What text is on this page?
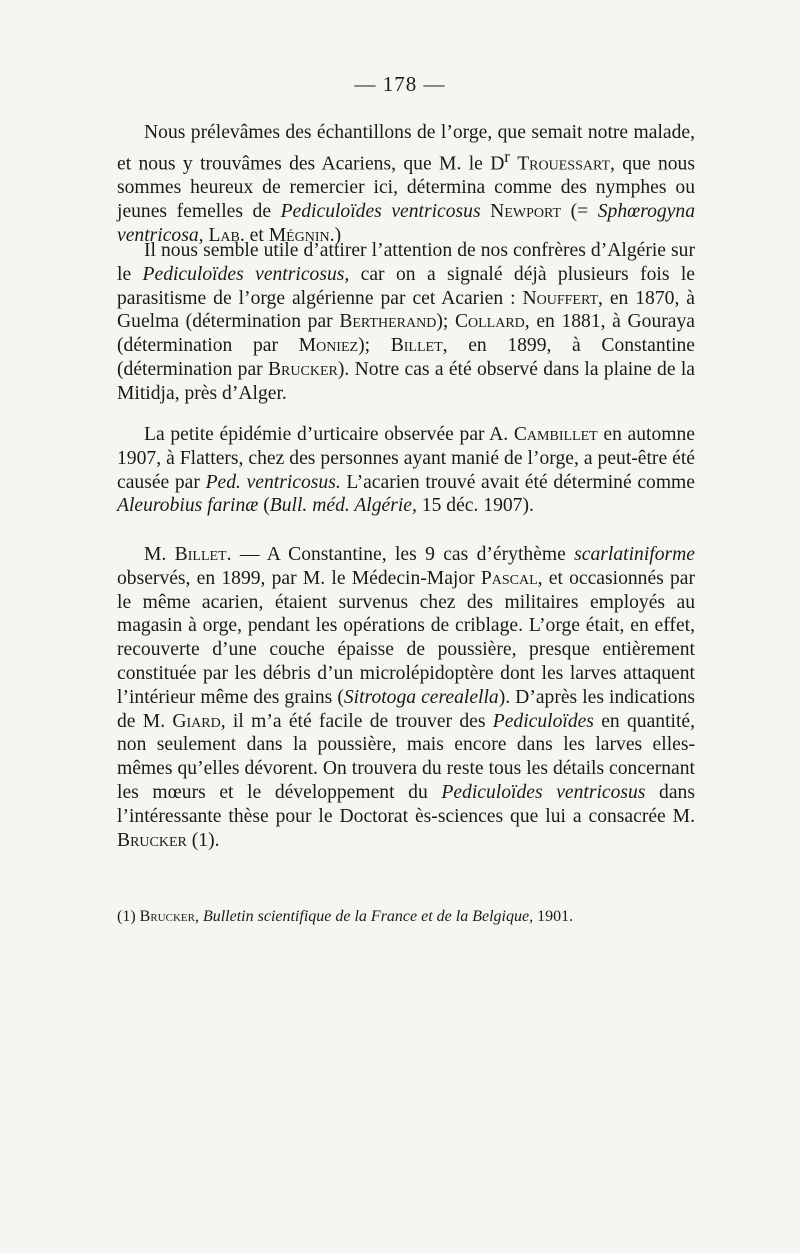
— 178 —

Nous prélevâmes des échantillons de l’orge, que semait notre malade, et nous y trouvâmes des Acariens, que M. le $D^r$ Trouessart, que nous sommes heureux de remercier ici, détermina comme des nymphes ou jeunes femelles de Pediculoïdes ventricosus Newport (= Sphœrogyna ventricosa, Lab. et Mégnin.)

Il nous semble utile d’attirer l’attention de nos confrères d’Algérie sur le Pediculoïdes ventricosus, car on a signalé déjà plusieurs fois le parasitisme de l’orge algérienne par cet Acarien : Nouffert, en 1870, à Guelma (détermination par Bertherand); Collard, en 1881, à Gouraya (détermination par Moniez); Billet, en 1899, à Constantine (détermination par Brucker). Notre cas a été observé dans la plaine de la Mitidja, près d’Alger.

La petite épidémie d’urticaire observée par A. Cambillet en automne 1907, à Flatters, chez des personnes ayant manié de l’orge, a peut-être été causée par Ped. ventricosus. L’acarien trouvé avait été déterminé comme Aleurobius farinæ (Bull. méd. Algérie, 15 déc. 1907).

M. Billet. — A Constantine, les 9 cas d’érythème scarlatiniforme observés, en 1899, par M. le Médecin-Major Pascal, et occasionnés par le même acarien, étaient survenus chez des militaires employés au magasin à orge, pendant les opérations de criblage. L’orge était, en effet, recouverte d’une couche épaisse de poussière, presque entièrement constituée par les débris d’un microlépidoptère dont les larves attaquent l’intérieur même des grains (Sitrotoga cerealella). D’après les indications de M. Giard, il m’a été facile de trouver des Pediculoïdes en quantité, non seulement dans la poussière, mais encore dans les larves elles-mêmes qu’elles dévorent. On trouvera du reste tous les détails concernant les mœurs et le développement du Pediculoïdes ventricosus dans l’intéressante thèse pour le Doctorat ès-sciences que lui a consacrée M. Brucker (1).

(1) Brucker, Bulletin scientifique de la France et de la Belgique, 1901.
